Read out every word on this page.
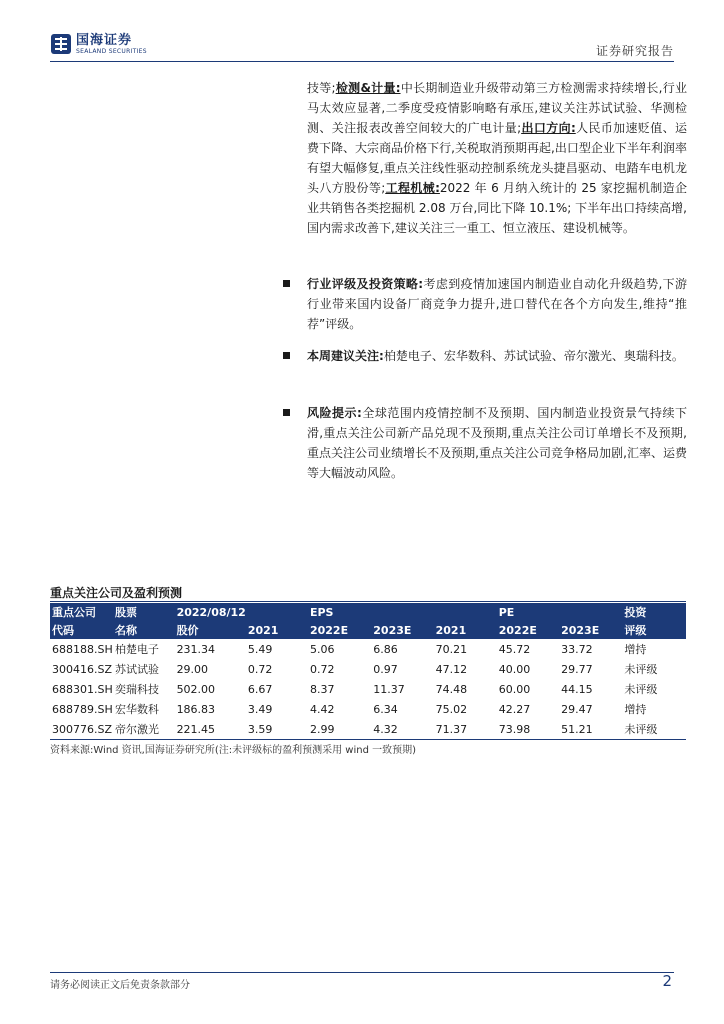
国海证券
SEALAND SECURITIES	证券研究报告
技等;检测&计量:中长期制造业升级带动第三方检测需求持续增长,行业马太效应显著,二季度受疫情影响略有承压,建议关注苏试试验、华测检测、关注报表改善空间较大的广电计量;出口方向:人民币加速贬值、运费下降、大宗商品价格下行,关税取消预期再起,出口型企业下半年利润率有望大幅修复,重点关注线性驱动控制系统龙头捷昌驱动、电踏车电机龙头八方股份等;工程机械:2022 年 6 月纳入统计的 25 家挖掘机制造企业共销售各类挖掘机 2.08 万台,同比下降 10.1%; 下半年出口持续高增,国内需求改善下,建议关注三一重工、恒立液压、建设机械等。
行业评级及投资策略:考虑到疫情加速国内制造业自动化升级趋势,下游行业带来国内设备厂商竞争力提升,进口替代在各个方向发生,维持“推荐”评级。
本周建议关注:柏楚电子、宏华数科、苏试试验、帝尔激光、奥瑞科技。
风险提示:全球范围内疫情控制不及预期、国内制造业投资景气持续下滑,重点关注公司新产品兑现不及预期,重点关注公司订单增长不及预期,重点关注公司业绩增长不及预期,重点关注公司竞争格局加剧,汇率、运费等大幅波动风险。
重点关注公司及盈利预测
重点公司	股票	2022/08/12		EPS			PE		投资
代码	名称	股价	2021	2022E	2023E	2021	2022E	2023E	评级
688188.SH	柏楚电子	231.34	5.49	5.06	6.86	70.21	45.72	33.72	增持
300416.SZ	苏试试验	29.00	0.72	0.72	0.97	47.12	40.00	29.77	未评级
688301.SH	奕瑞科技	502.00	6.67	8.37	11.37	74.48	60.00	44.15	未评级
688789.SH	宏华数科	186.83	3.49	4.42	6.34	75.02	42.27	29.47	增持
300776.SZ	帝尔激光	221.45	3.59	2.99	4.32	71.37	73.98	51.21	未评级
资料来源:Wind 资讯,国海证券研究所(注:未评级标的盈利预测采用 wind 一致预期)
请务必阅读正文后免责条款部分	2
